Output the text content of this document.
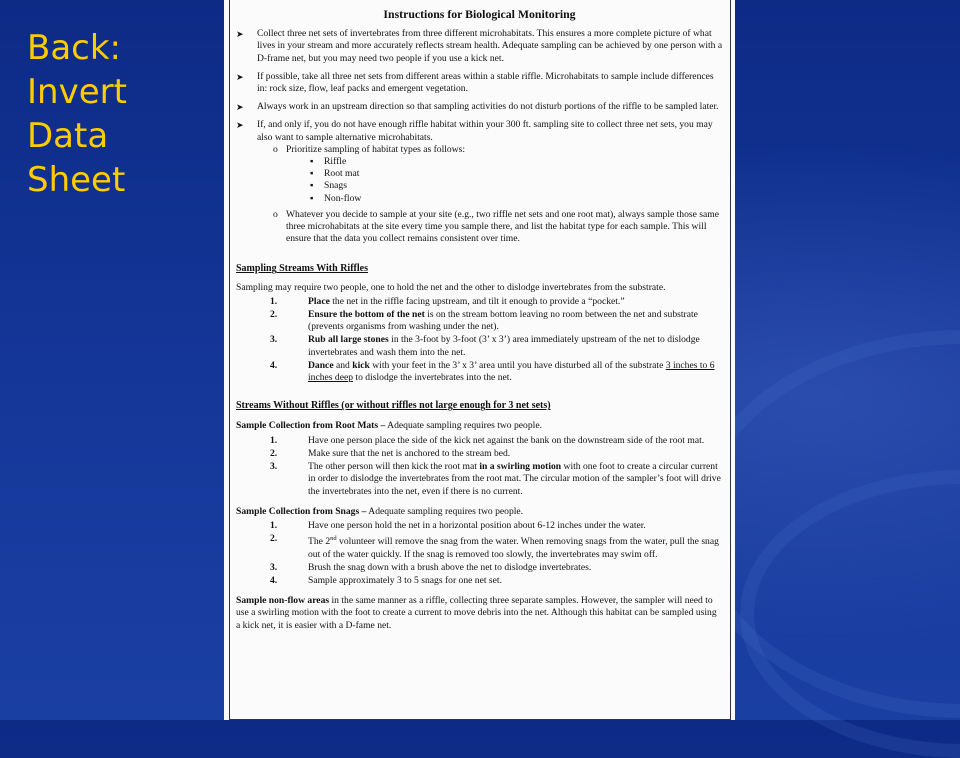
Back:
Invert
Data
Sheet
Instructions for Biological Monitoring
➤ Collect three net sets of invertebrates from three different microhabitats. This ensures a more complete picture of what lives in your stream and more accurately reflects stream health. Adequate sampling can be achieved by one person with a D-frame net, but you may need two people if you use a kick net.
➤ If possible, take all three net sets from different areas within a stable riffle. Microhabitats to sample include differences in: rock size, flow, leaf packs and emergent vegetation.
➤ Always work in an upstream direction so that sampling activities do not disturb portions of the riffle to be sampled later.
➤ If, and only if, you do not have enough riffle habitat within your 300 ft. sampling site to collect three net sets, you may also want to sample alternative microhabitats.
o Prioritize sampling of habitat types as follows:
▪ Riffle
▪ Root mat
▪ Snags
▪ Non-flow
o Whatever you decide to sample at your site (e.g., two riffle net sets and one root mat), always sample those same three microhabitats at the site every time you sample there, and list the habitat type for each sample. This will ensure that the data you collect remains consistent over time.
Sampling Streams With Riffles
Sampling may require two people, one to hold the net and the other to dislodge invertebrates from the substrate.
1.	Place the net in the riffle facing upstream, and tilt it enough to provide a “pocket.”
2.	Ensure the bottom of the net is on the stream bottom leaving no room between the net and substrate (prevents organisms from washing under the net).
3.	Rub all large stones in the 3-foot by 3-foot (3’ x 3’) area immediately upstream of the net to dislodge invertebrates and wash them into the net.
4.	Dance and kick with your feet in the 3’ x 3’ area until you have disturbed all of the substrate 3 inches to 6 inches deep to dislodge the invertebrates into the net.
Streams Without Riffles (or without riffles not large enough for 3 net sets)
Sample Collection from Root Mats – Adequate sampling requires two people.
1.	Have one person place the side of the kick net against the bank on the downstream side of the root mat.
2.	Make sure that the net is anchored to the stream bed.
3.	The other person will then kick the root mat in a swirling motion with one foot to create a circular current in order to dislodge the invertebrates from the root mat. The circular motion of the sampler’s foot will drive the invertebrates into the net, even if there is no current.
Sample Collection from Snags – Adequate sampling requires two people.
1.	Have one person hold the net in a horizontal position about 6-12 inches under the water.
2.	The 2nd volunteer will remove the snag from the water. When removing snags from the water, pull the snag out of the water quickly. If the snag is removed too slowly, the invertebrates may swim off.
3.	Brush the snag down with a brush above the net to dislodge invertebrates.
4.	Sample approximately 3 to 5 snags for one net set.
Sample non-flow areas in the same manner as a riffle, collecting three separate samples. However, the sampler will need to use a swirling motion with the foot to create a current to move debris into the net. Although this habitat can be sampled using a kick net, it is easier with a D-fame net.
